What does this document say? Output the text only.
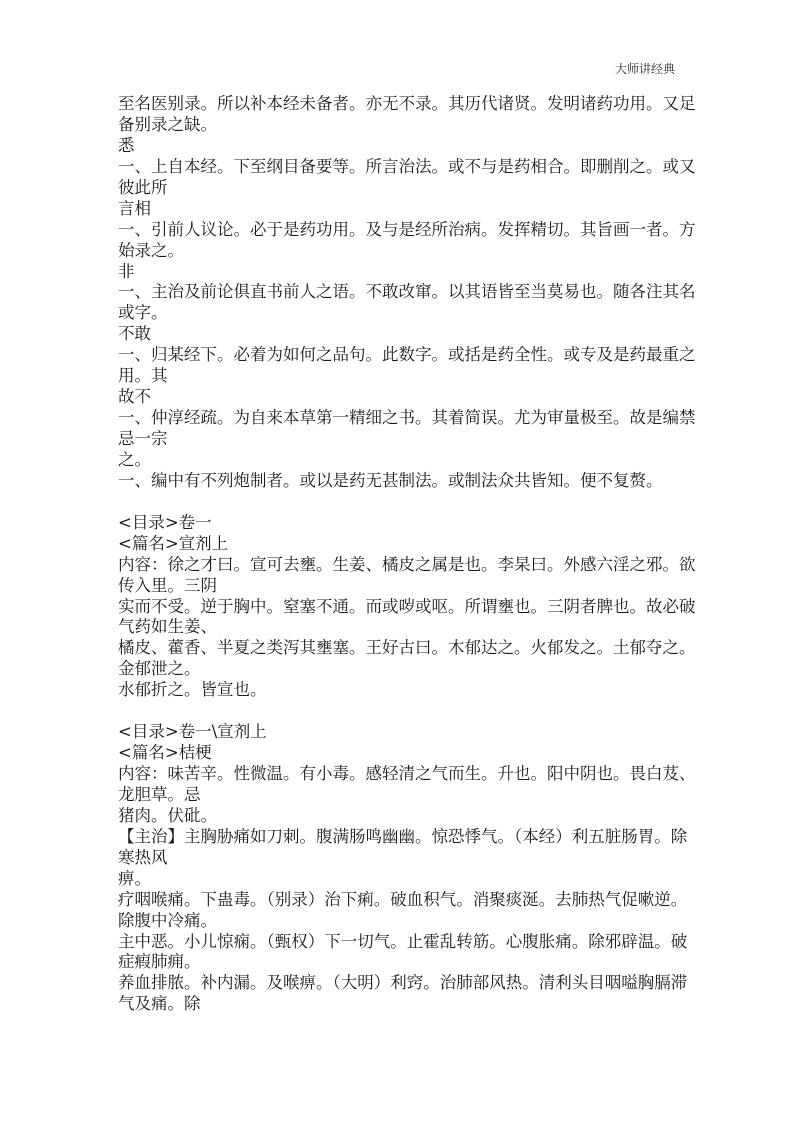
大师讲经典
至名医别录。所以补本经未备者。亦无不录。其历代诸贤。发明诸药功用。又足
备别录之缺。
悉
一、上自本经。下至纲目备要等。所言治法。或不与是药相合。即删削之。或又
彼此所
言相
一、引前人议论。必于是药功用。及与是经所治病。发挥精切。其旨画一者。方
始录之。
非
一、主治及前论俱直书前人之语。不敢改窜。以其语皆至当莫易也。随各注其名
或字。
不敢
一、归某经下。必着为如何之品句。此数字。或括是药全性。或专及是药最重之
用。其
故不
一、仲淳经疏。为自来本草第一精细之书。其着简误。尤为审量极至。故是编禁
忌一宗
之。
一、编中有不列炮制者。或以是药无甚制法。或制法众共皆知。便不复赘。
<目录>卷一
<篇名>宣剂上
内容：徐之才曰。宣可去壅。生姜、橘皮之属是也。李杲曰。外感六淫之邪。欲
传入里。三阴
实而不受。逆于胸中。窒塞不通。而或哕或呕。所谓壅也。三阴者脾也。故必破
气药如生姜、
橘皮、藿香、半夏之类泻其壅塞。王好古曰。木郁达之。火郁发之。土郁夺之。
金郁泄之。
水郁折之。皆宣也。
<目录>卷一\宣剂上
<篇名>桔梗
内容：味苦辛。性微温。有小毒。感轻清之气而生。升也。阳中阴也。畏白芨、
龙胆草。忌
猪肉。伏砒。
【主治】主胸胁痛如刀刺。腹满肠鸣幽幽。惊恐悸气。（本经）利五脏肠胃。除
寒热风
痹。
疗咽喉痛。下蛊毒。（别录）治下痢。破血积气。消聚痰涎。去肺热气促嗽逆。
除腹中冷痛。
主中恶。小儿惊痫。（甄权）下一切气。止霍乱转筋。心腹胀痛。除邪辟温。破
症瘕肺痈。
养血排脓。补内漏。及喉痹。（大明）利窍。治肺部风热。清利头目咽嗌胸膈滞
气及痛。除
